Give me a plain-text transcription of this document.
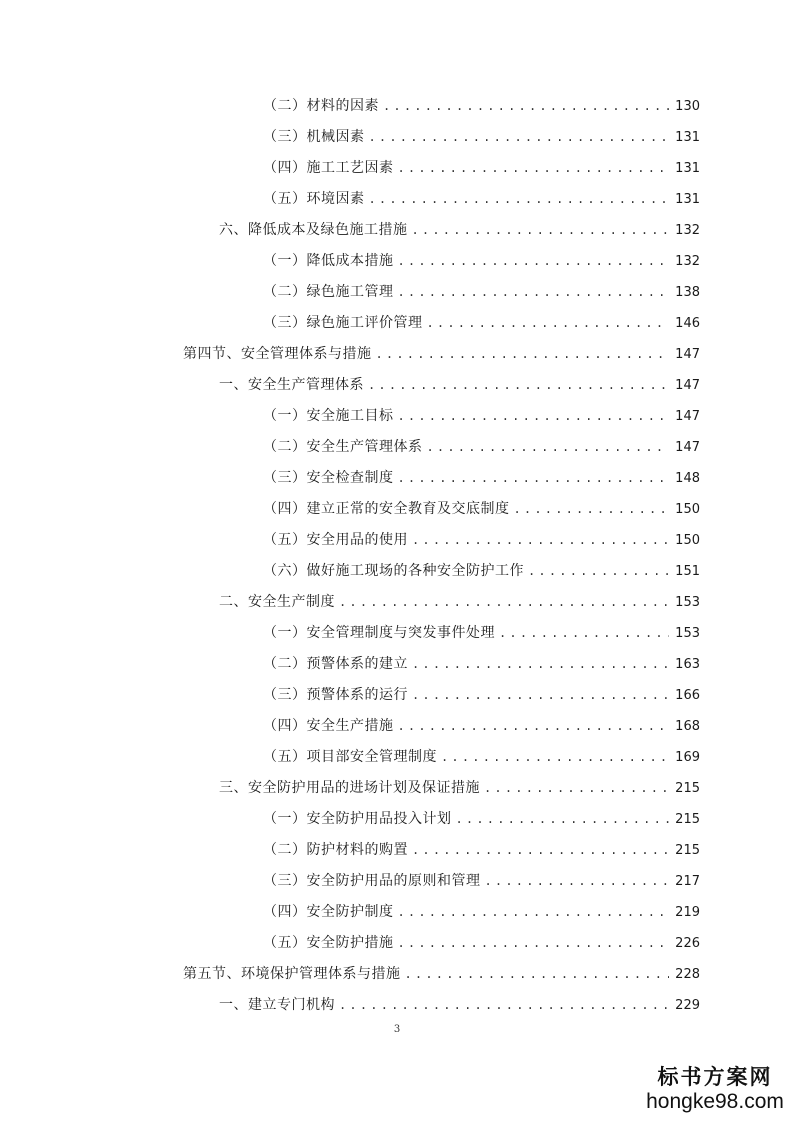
（二）材料的因素 .....	130
（三）机械因素 .....	131
（四）施工工艺因素 .....	131
（五）环境因素 .....	131
六、降低成本及绿色施工措施 .....	132
（一）降低成本措施 .....	132
（二）绿色施工管理 .....	138
（三）绿色施工评价管理 .....	146
第四节、安全管理体系与措施 .....	147
一、安全生产管理体系 .....	147
（一）安全施工目标 .....	147
（二）安全生产管理体系 .....	147
（三）安全检查制度 .....	148
（四）建立正常的安全教育及交底制度 .....	150
（五）安全用品的使用 .....	150
（六）做好施工现场的各种安全防护工作 .....	151
二、安全生产制度 .....	153
（一）安全管理制度与突发事件处理 .....	153
（二）预警体系的建立 .....	163
（三）预警体系的运行 .....	166
（四）安全生产措施 .....	168
（五）项目部安全管理制度 .....	169
三、安全防护用品的进场计划及保证措施 .....	215
（一）安全防护用品投入计划 .....	215
（二）防护材料的购置 .....	215
（三）安全防护用品的原则和管理 .....	217
（四）安全防护制度 .....	219
（五）安全防护措施 .....	226
第五节、环境保护管理体系与措施 .....	228
一、建立专门机构 .....	229
3
标书方案网
hongke98.com
